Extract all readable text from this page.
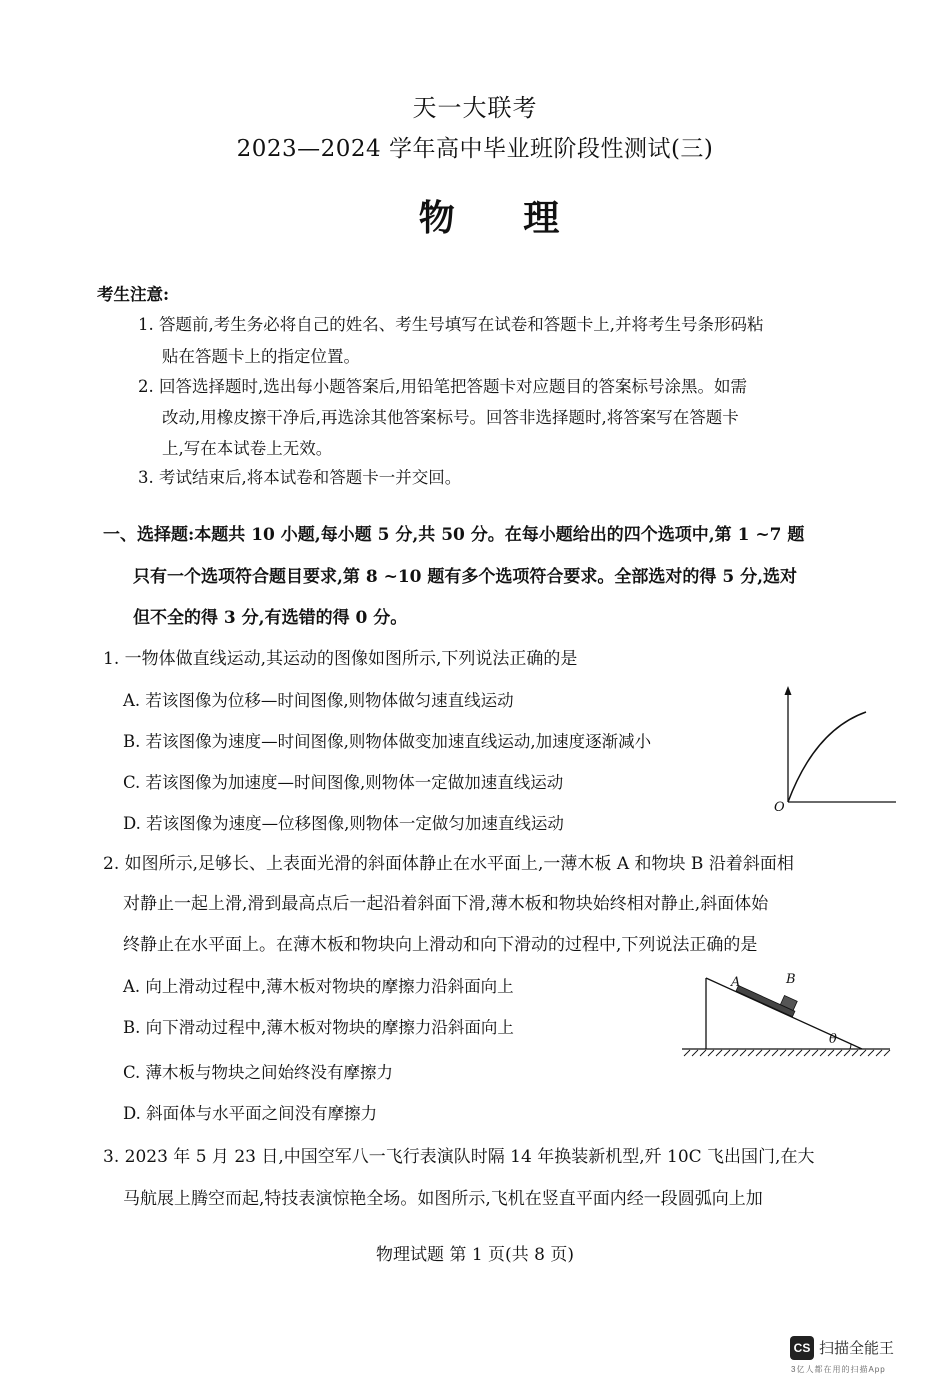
天一大联考
2023—2024 学年高中毕业班阶段性测试(三)
物 理
考生注意:
1. 答题前,考生务必将自己的姓名、考生号填写在试卷和答题卡上,并将考生号条形码粘
贴在答题卡上的指定位置。
2. 回答选择题时,选出每小题答案后,用铅笔把答题卡对应题目的答案标号涂黑。如需
改动,用橡皮擦干净后,再选涂其他答案标号。回答非选择题时,将答案写在答题卡
上,写在本试卷上无效。
3. 考试结束后,将本试卷和答题卡一并交回。
一、选择题:本题共 10 小题,每小题 5 分,共 50 分。在每小题给出的四个选项中,第 1 ~7 题
只有一个选项符合题目要求,第 8 ~10 题有多个选项符合要求。全部选对的得 5 分,选对
但不全的得 3 分,有选错的得 0 分。
1. 一物体做直线运动,其运动的图像如图所示,下列说法正确的是
A. 若该图像为位移—时间图像,则物体做匀速直线运动
B. 若该图像为速度—时间图像,则物体做变加速直线运动,加速度逐渐减小
C. 若该图像为加速度—时间图像,则物体一定做加速直线运动
D. 若该图像为速度—位移图像,则物体一定做匀加速直线运动
O
2. 如图所示,足够长、上表面光滑的斜面体静止在水平面上,一薄木板 A 和物块 B 沿着斜面相
对静止一起上滑,滑到最高点后一起沿着斜面下滑,薄木板和物块始终相对静止,斜面体始
终静止在水平面上。在薄木板和物块向上滑动和向下滑动的过程中,下列说法正确的是
A. 向上滑动过程中,薄木板对物块的摩擦力沿斜面向上
B. 向下滑动过程中,薄木板对物块的摩擦力沿斜面向上
C. 薄木板与物块之间始终没有摩擦力
D. 斜面体与水平面之间没有摩擦力
A	B
θ
3. 2023 年 5 月 23 日,中国空军八一飞行表演队时隔 14 年换装新机型,歼 10C 飞出国门,在大
马航展上腾空而起,特技表演惊艳全场。如图所示,飞机在竖直平面内经一段圆弧向上加
物理试题 第 1 页(共 8 页)
CS 扫描全能王
3亿人都在用的扫描App
